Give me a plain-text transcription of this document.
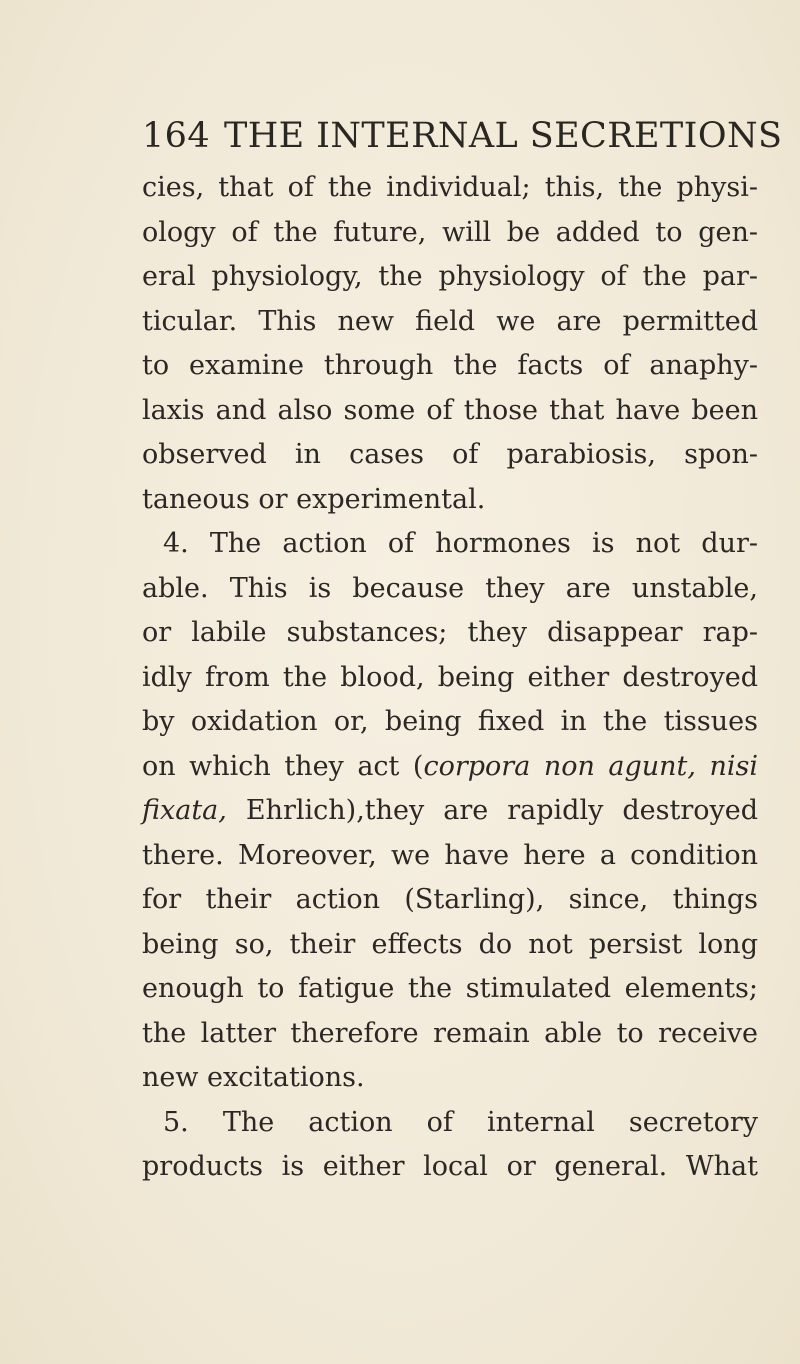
164 THE INTERNAL SECRETIONS
cies, that of the individual; this, the physi-
ology of the future, will be added to gen-
eral physiology, the physiology of the par-
ticular. This new field we are permitted
to examine through the facts of anaphy-
laxis and also some of those that have been
observed in cases of parabiosis, spon-
taneous or experimental.
4. The action of hormones is not dur-
able. This is because they are unstable,
or labile substances; they disappear rap-
idly from the blood, being either destroyed
by oxidation or, being fixed in the tissues
on which they act (corpora non agunt, nisi
fixata, Ehrlich),they are rapidly destroyed
there. Moreover, we have here a condition
for their action (Starling), since, things
being so, their effects do not persist long
enough to fatigue the stimulated elements;
the latter therefore remain able to receive
new excitations.
5. The action of internal secretory
products is either local or general. What
